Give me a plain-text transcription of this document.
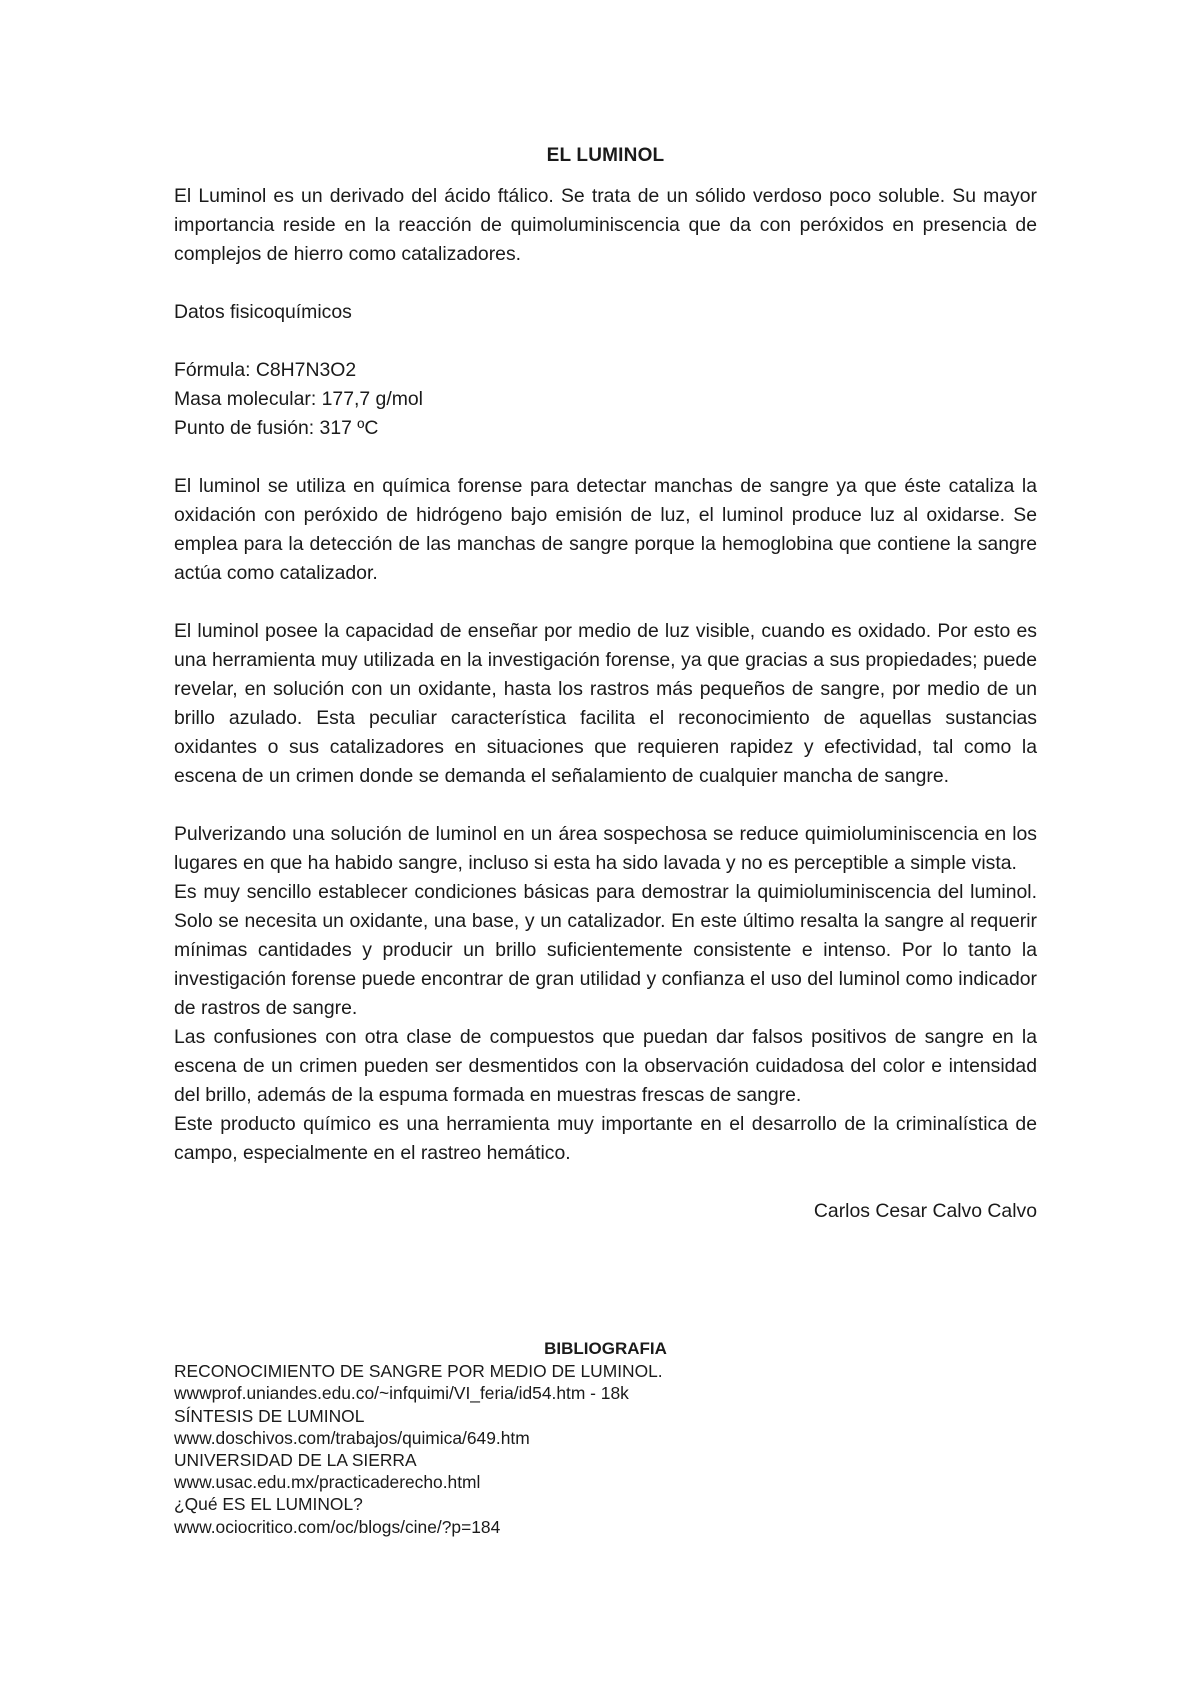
EL LUMINOL

El Luminol es un derivado del ácido ftálico. Se trata de un sólido verdoso poco soluble. Su mayor importancia reside en la reacción de quimoluminiscencia que da con peróxidos en presencia de complejos de hierro como catalizadores.

Datos fisicoquímicos

Fórmula: C8H7N3O2
Masa molecular: 177,7 g/mol
Punto de fusión: 317 ºC

El luminol se utiliza en química forense para detectar manchas de sangre ya que éste cataliza la oxidación con peróxido de hidrógeno bajo emisión de luz, el luminol produce luz al oxidarse. Se emplea para la detección de las manchas de sangre porque la hemoglobina que contiene la sangre actúa como catalizador.

El luminol posee la capacidad de enseñar por medio de luz visible, cuando es oxidado. Por esto es una herramienta muy utilizada en la investigación forense, ya que gracias a sus propiedades; puede revelar, en solución con un oxidante, hasta los rastros más pequeños de sangre, por medio de un brillo azulado. Esta peculiar característica facilita el reconocimiento de aquellas sustancias oxidantes o sus catalizadores en situaciones que requieren rapidez y efectividad, tal como la escena de un crimen donde se demanda el señalamiento de cualquier mancha de sangre.

Pulverizando una solución de luminol en un área sospechosa se reduce quimioluminiscencia en los lugares en que ha habido sangre, incluso si esta ha sido lavada y no es perceptible a simple vista.

Es muy sencillo establecer condiciones básicas para demostrar la quimioluminiscencia del luminol. Solo se necesita un oxidante, una base, y un catalizador. En este último resalta la sangre al requerir mínimas cantidades y producir un brillo suficientemente consistente e intenso. Por lo tanto la investigación forense puede encontrar de gran utilidad y confianza el uso del luminol como indicador de rastros de sangre.

Las confusiones con otra clase de compuestos que puedan dar falsos positivos de sangre en la escena de un crimen pueden ser desmentidos con la observación cuidadosa del color e intensidad del brillo, además de la espuma formada en muestras frescas de sangre.

Este producto químico es una herramienta muy importante en el desarrollo de la criminalística de campo, especialmente en el rastreo hemático.

Carlos Cesar Calvo Calvo

BIBLIOGRAFIA
RECONOCIMIENTO DE SANGRE POR MEDIO DE LUMINOL.
wwwprof.uniandes.edu.co/~infquimi/VI_feria/id54.htm - 18k
SÍNTESIS DE LUMINOL
www.doschivos.com/trabajos/quimica/649.htm
UNIVERSIDAD DE LA SIERRA
www.usac.edu.mx/practicaderecho.html
¿Qué ES EL LUMINOL?
www.ociocritico.com/oc/blogs/cine/?p=184
